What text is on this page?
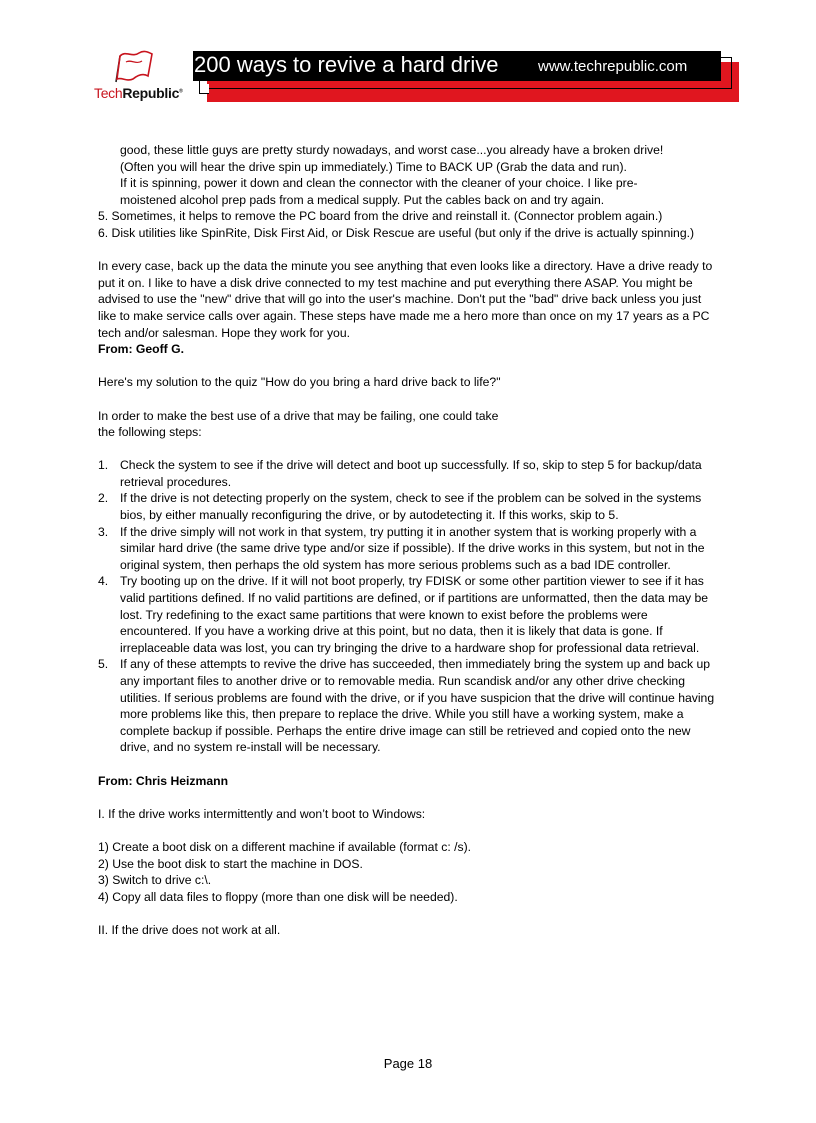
TechRepublic®
200 ways to revive a hard drive	www.techrepublic.com

good, these little guys are pretty sturdy nowadays, and worst case...you already have a broken drive!

(Often you will hear the drive spin up immediately.) Time to BACK UP (Grab the data and run).

If it is spinning, power it down and clean the connector with the cleaner of your choice. I like pre-

moistened alcohol prep pads from a medical supply. Put the cables back on and try again.

5. Sometimes, it helps to remove the PC board from the drive and reinstall it. (Connector problem again.)

6. Disk utilities like SpinRite, Disk First Aid, or Disk Rescue are useful (but only if the drive is actually spinning.)

In every case, back up the data the minute you see anything that even looks like a directory. Have a drive ready to put it on. I like to have a disk drive connected to my test machine and put everything there ASAP. You might be advised to use the "new" drive that will go into the user's machine. Don't put the "bad" drive back unless you just like to make service calls over again. These steps have made me a hero more than once on my 17 years as a PC tech and/or salesman. Hope they work for you.

From: Geoff G.

Here's my solution to the quiz "How do you bring a hard drive back to life?"

In order to make the best use of a drive that may be failing, one could take
the following steps:

1. Check the system to see if the drive will detect and boot up successfully. If so, skip to step 5 for backup/data retrieval procedures.
2. If the drive is not detecting properly on the system, check to see if the problem can be solved in the systems bios, by either manually reconfiguring the drive, or by autodetecting it. If this works, skip to 5.
3. If the drive simply will not work in that system, try putting it in another system that is working properly with a similar hard drive (the same drive type and/or size if possible). If the drive works in this system, but not in the original system, then perhaps the old system has more serious problems such as a bad IDE controller.
4. Try booting up on the drive. If it will not boot properly, try FDISK or some other partition viewer to see if it has valid partitions defined. If no valid partitions are defined, or if partitions are unformatted, then the data may be lost. Try redefining to the exact same partitions that were known to exist before the problems were encountered. If you have a working drive at this point, but no data, then it is likely that data is gone. If irreplaceable data was lost, you can try bringing the drive to a hardware shop for professional data retrieval.
5. If any of these attempts to revive the drive has succeeded, then immediately bring the system up and back up any important files to another drive or to removable media. Run scandisk and/or any other drive checking utilities. If serious problems are found with the drive, or if you have suspicion that the drive will continue having more problems like this, then prepare to replace the drive. While you still have a working system, make a complete backup if possible. Perhaps the entire drive image can still be retrieved and copied onto the new drive, and no system re-install will be necessary.

From: Chris Heizmann

I. If the drive works intermittently and won’t boot to Windows:

1) Create a boot disk on a different machine if available (format c: /s).

2) Use the boot disk to start the machine in DOS.

3) Switch to drive c:\.

4) Copy all data files to floppy (more than one disk will be needed).

II. If the drive does not work at all.

Page 18
